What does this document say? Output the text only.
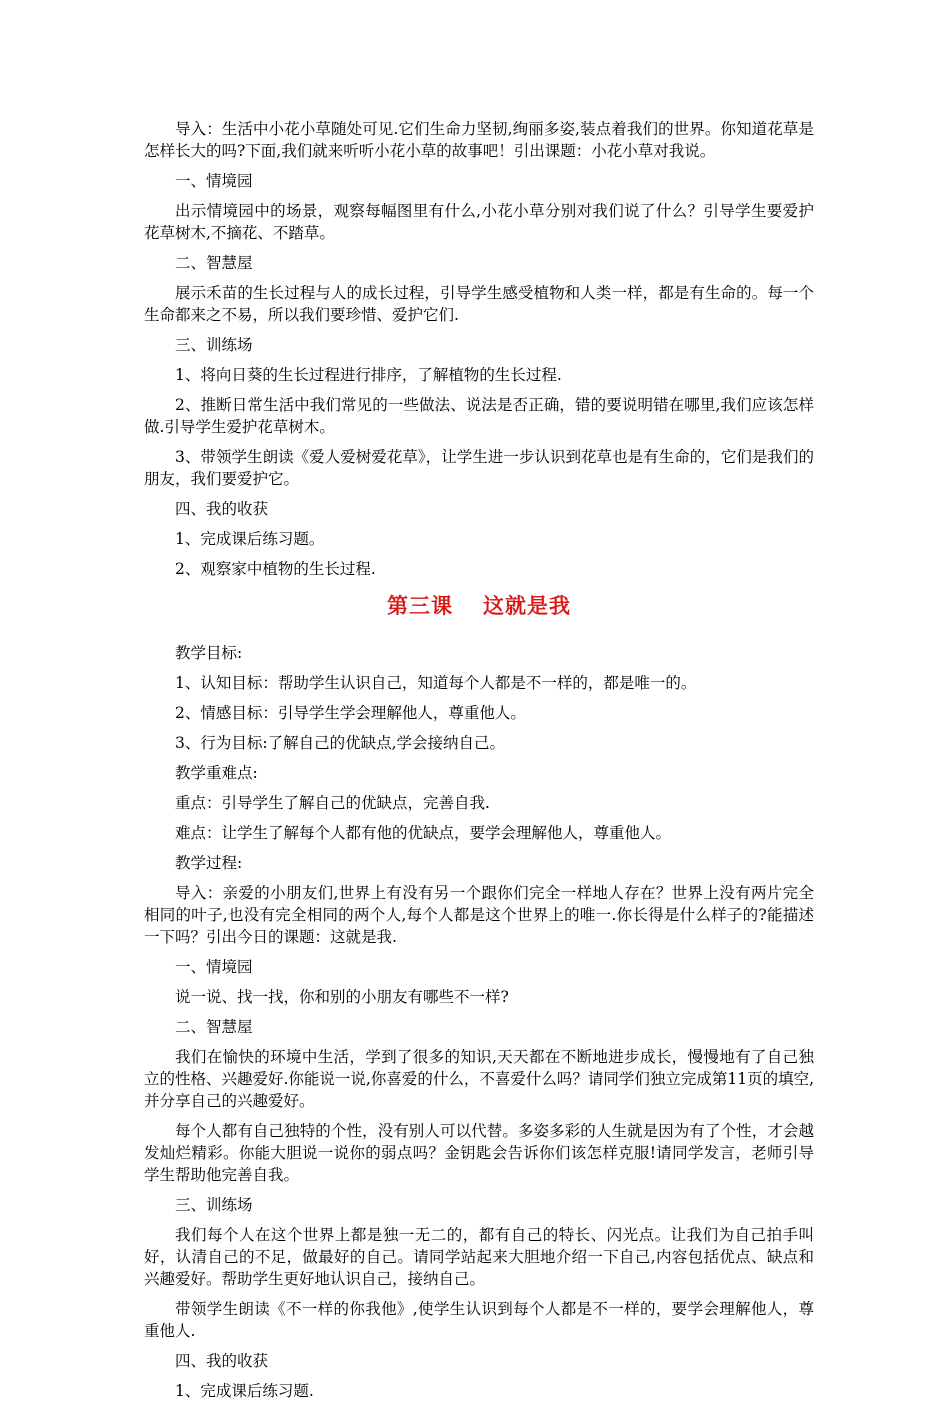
导入：生活中小花小草随处可见.它们生命力坚韧,绚丽多姿,装点着我们的世界。你知道花草是怎样长大的吗?下面,我们就来听听小花小草的故事吧！引出课题：小花小草对我说。

一、情境园

出示情境园中的场景，观察每幅图里有什么,小花小草分别对我们说了什么？引导学生要爱护花草树木,不摘花、不踏草。

二、智慧屋

展示禾苗的生长过程与人的成长过程，引导学生感受植物和人类一样，都是有生命的。每一个生命都来之不易，所以我们要珍惜、爱护它们.

三、训练场

1、将向日葵的生长过程进行排序，了解植物的生长过程.

2、推断日常生活中我们常见的一些做法、说法是否正确，错的要说明错在哪里,我们应该怎样做.引导学生爱护花草树木。

3、带领学生朗读《爱人爱树爱花草》，让学生进一步认识到花草也是有生命的，它们是我们的朋友，我们要爱护它。

四、我的收获

1、完成课后练习题。

2、观察家中植物的生长过程.

第三课 这就是我

教学目标:

1、认知目标：帮助学生认识自己，知道每个人都是不一样的，都是唯一的。

2、情感目标：引导学生学会理解他人，尊重他人。

3、行为目标:了解自己的优缺点,学会接纳自己。

教学重难点:

重点：引导学生了解自己的优缺点，完善自我.

难点：让学生了解每个人都有他的优缺点，要学会理解他人，尊重他人。

教学过程:

导入：亲爱的小朋友们,世界上有没有另一个跟你们完全一样地人存在？世界上没有两片完全相同的叶子,也没有完全相同的两个人,每个人都是这个世界上的唯一.你长得是什么样子的?能描述一下吗？引出今日的课题：这就是我.

一、情境园

说一说、找一找，你和别的小朋友有哪些不一样?

二、智慧屋

我们在愉快的环境中生活，学到了很多的知识,天天都在不断地进步成长，慢慢地有了自己独立的性格、兴趣爱好.你能说一说,你喜爱的什么，不喜爱什么吗？请同学们独立完成第11页的填空,并分享自己的兴趣爱好。

每个人都有自己独特的个性，没有别人可以代替。多姿多彩的人生就是因为有了个性，才会越发灿烂精彩。你能大胆说一说你的弱点吗？金钥匙会告诉你们该怎样克服!请同学发言，老师引导学生帮助他完善自我。

三、训练场

我们每个人在这个世界上都是独一无二的，都有自己的特长、闪光点。让我们为自己拍手叫好，认清自己的不足，做最好的自己。请同学站起来大胆地介绍一下自己,内容包括优点、缺点和兴趣爱好。帮助学生更好地认识自己，接纳自己。

带领学生朗读《不一样的你我他》,使学生认识到每个人都是不一样的，要学会理解他人，尊重他人.

四、我的收获

1、完成课后练习题.
